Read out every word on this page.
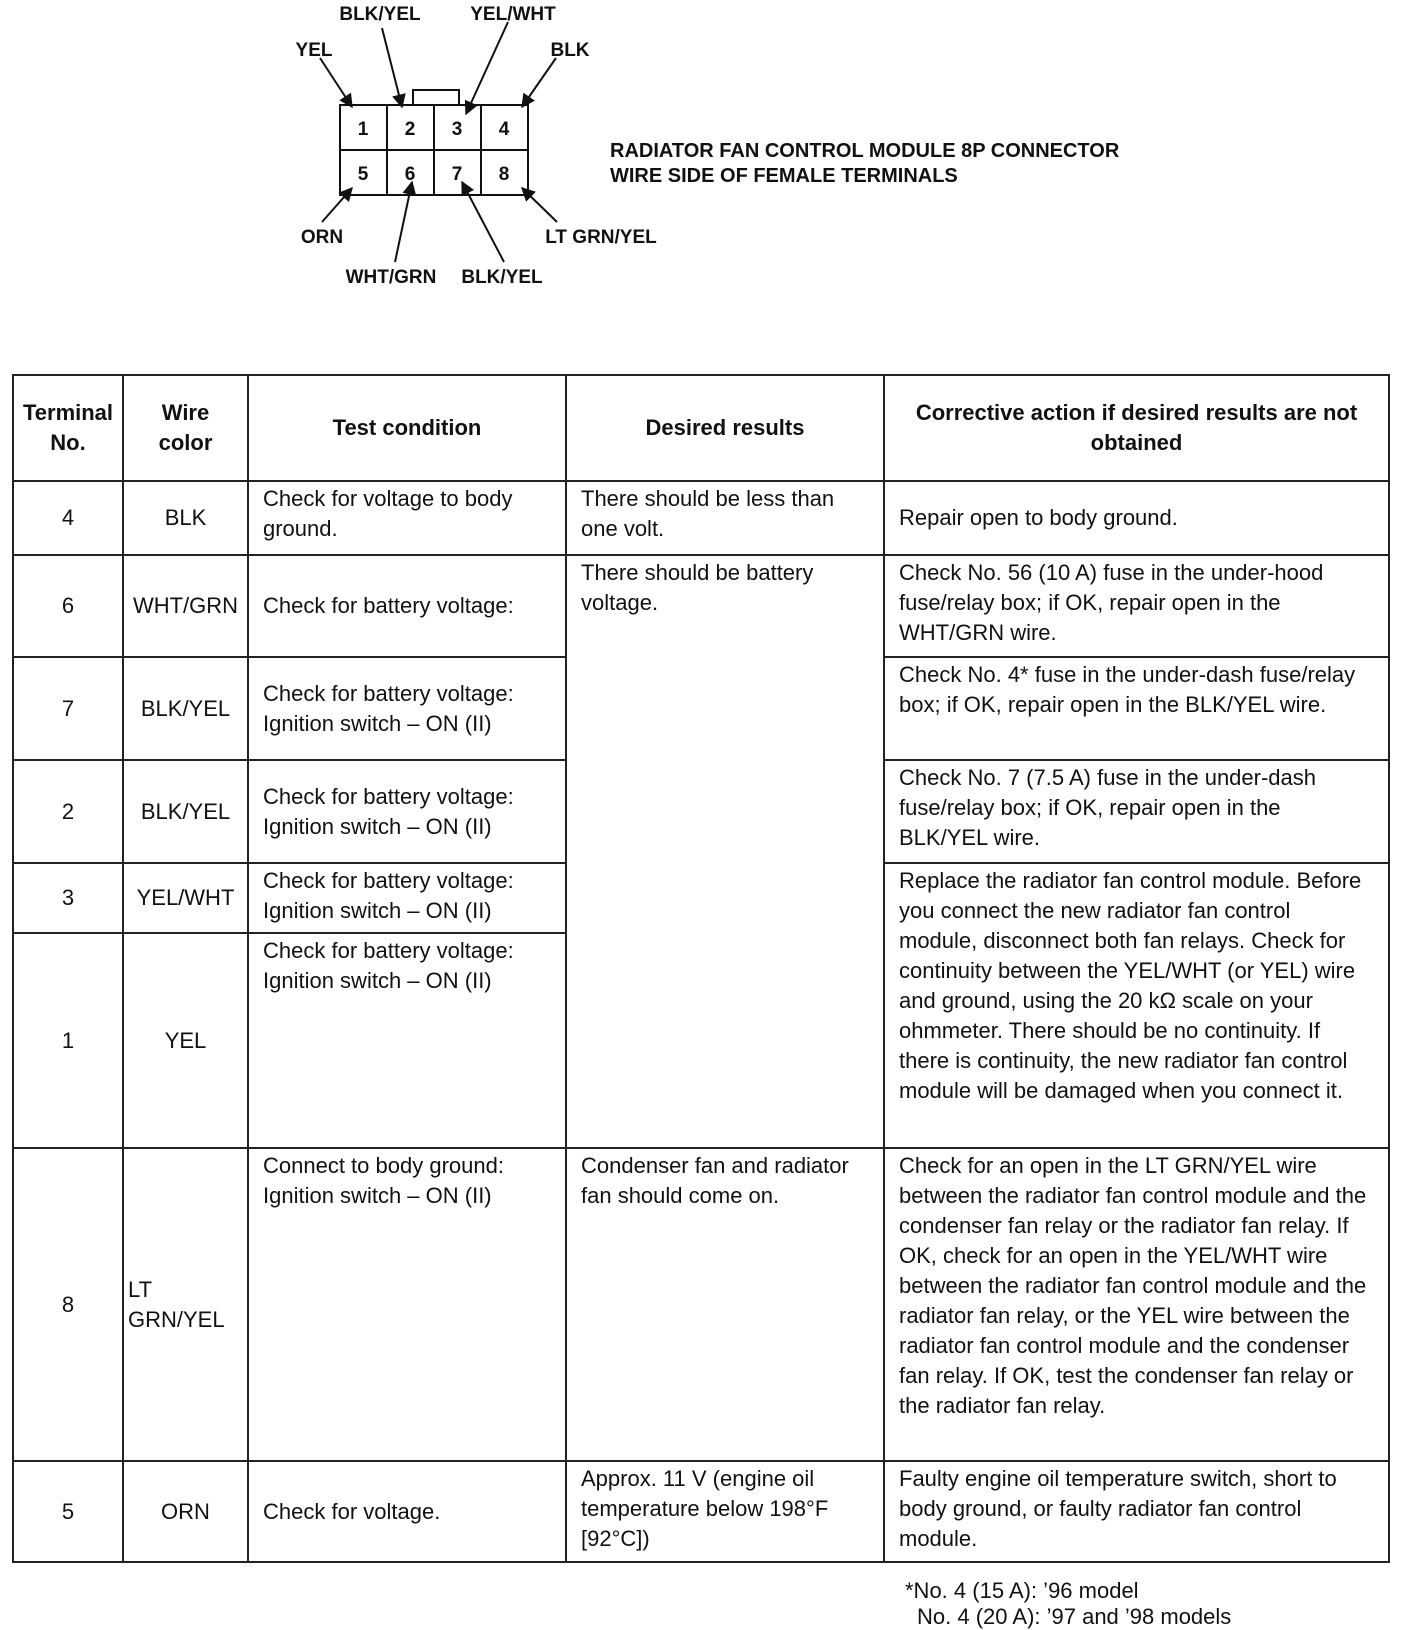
1 2 3 4
5 6 7 8
YEL
BLK/YEL	YEL/WHT
BLK
ORN
WHT/GRN BLK/YEL
LT GRN/YEL
RADIATOR FAN CONTROL MODULE 8P CONNECTOR
WIRE SIDE OF FEMALE TERMINALS
Terminal No.	Wire color	Test condition	Desired results	Corrective action if desired results are not obtained
4	BLK	Check for voltage to body ground.	There should be less than one volt.	Repair open to body ground.
6	WHT/GRN	Check for battery voltage:	There should be battery voltage.	Check No. 56 (10 A) fuse in the under-hood fuse/relay box; if OK, repair open in the WHT/GRN wire.
7	BLK/YEL	Check for battery voltage: Ignition switch – ON (II)		Check No. 4* fuse in the under-dash fuse/relay box; if OK, repair open in the BLK/YEL wire.
2	BLK/YEL	Check for battery voltage: Ignition switch – ON (II)		Check No. 7 (7.5 A) fuse in the under-dash fuse/relay box; if OK, repair open in the BLK/YEL wire.
3	YEL/WHT	Check for battery voltage: Ignition switch – ON (II)		Replace the radiator fan control module. Before you connect the new radiator fan control module, disconnect both fan relays. Check for continuity between the YEL/WHT (or YEL) wire and ground, using the 20 kΩ scale on your ohmmeter. There should be no continuity. If there is continuity, the new radiator fan control module will be damaged when you connect it.
1	YEL	Check for battery voltage: Ignition switch – ON (II)		
8	LT GRN/YEL	Connect to body ground: Ignition switch – ON (II)	Condenser fan and radiator fan should come on.	Check for an open in the LT GRN/YEL wire between the radiator fan control module and the condenser fan relay or the radiator fan relay. If OK, check for an open in the YEL/WHT wire between the radiator fan control module and the radiator fan relay, or the YEL wire between the radiator fan control module and the condenser fan relay. If OK, test the condenser fan relay or the radiator fan relay.
5	ORN	Check for voltage.	Approx. 11 V (engine oil temperature below 198°F [92°C])	Faulty engine oil temperature switch, short to body ground, or faulty radiator fan control module.
*No. 4 (15 A): ’96 model
No. 4 (20 A): ’97 and ’98 models
